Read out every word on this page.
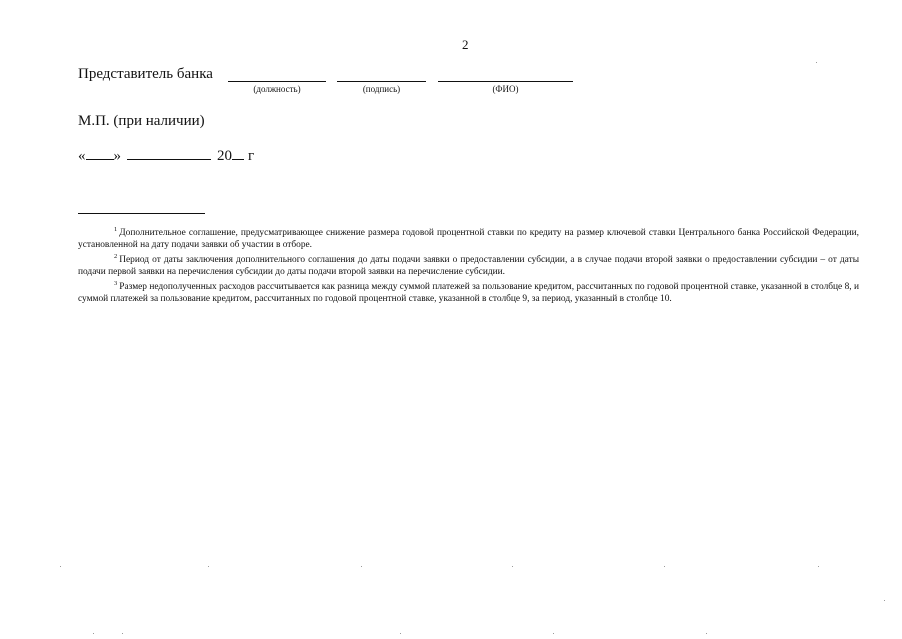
2
Представитель банка
(должность)	(подпись)	(ФИО)
М.П. (при наличии)
« »	20 г

$^1$ Дополнительное соглашение, предусматривающее снижение размера годовой процентной ставки по кредиту на размер ключевой ставки Центрального банка Российской Федерации, установленной на дату подачи заявки об участии в отборе.

$^2$ Период от даты заключения дополнительного соглашения до даты подачи заявки о предоставлении субсидии, а в случае подачи второй заявки о предоставлении субсидии – от даты подачи первой заявки на перечисления субсидии до даты подачи второй заявки на перечисление субсидии.

$^3$ Размер недополученных расходов рассчитывается как разница между суммой платежей за пользование кредитом, рассчитанных по годовой процентной ставке, указанной в столбце 8, и суммой платежей за пользование кредитом, рассчитанных по годовой процентной ставке, указанной в столбце 9, за период, указанный в столбце 10.
